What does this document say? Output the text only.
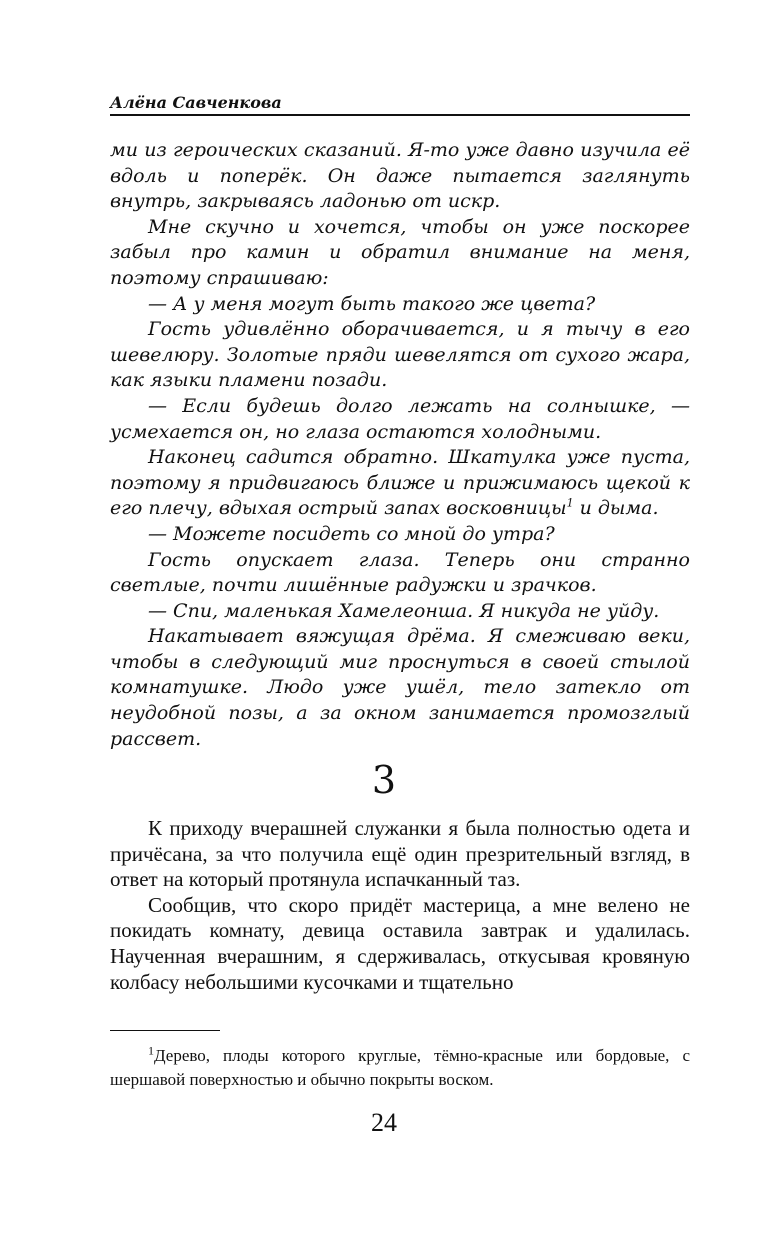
Алёна Савченкова

ми из героических сказаний. Я-то уже давно изучила её вдоль и поперёк. Он даже пытается заглянуть внутрь, закрываясь ладонью от искр.

Мне скучно и хочется, чтобы он уже поскорее забыл про камин и обратил внимание на меня, поэтому спрашиваю:

— А у меня могут быть такого же цвета?

Гость удивлённо оборачивается, и я тычу в его шевелюру. Золотые пряди шевелятся от сухого жара, как языки пламени позади.

— Если будешь долго лежать на солнышке, — усмехается он, но глаза остаются холодными.

Наконец садится обратно. Шкатулка уже пуста, поэтому я придвигаюсь ближе и прижимаюсь щекой к его плечу, вдыхая острый запах восковницы$^1$ и дыма.

— Можете посидеть со мной до утра?

Гость опускает глаза. Теперь они странно светлые, почти лишённые радужки и зрачков.

— Спи, маленькая Хамелеонша. Я никуда не уйду.

Накатывает вяжущая дрёма. Я смеживаю веки, чтобы в следующий миг проснуться в своей стылой комнатушке. Людо уже ушёл, тело затекло от неудобной позы, а за окном занимается промозглый рассвет.

3

К приходу вчерашней служанки я была полностью одета и причёсана, за что получила ещё один презрительный взгляд, в ответ на который протянула испачканный таз.

Сообщив, что скоро придёт мастерица, а мне велено не покидать комнату, девица оставила завтрак и удалилась. Наученная вчерашним, я сдерживалась, откусывая кровяную колбасу небольшими кусочками и тщательно

$^1$Дерево, плоды которого круглые, тёмно-красные или бордовые, с шершавой поверхностью и обычно покрыты воском.

24
